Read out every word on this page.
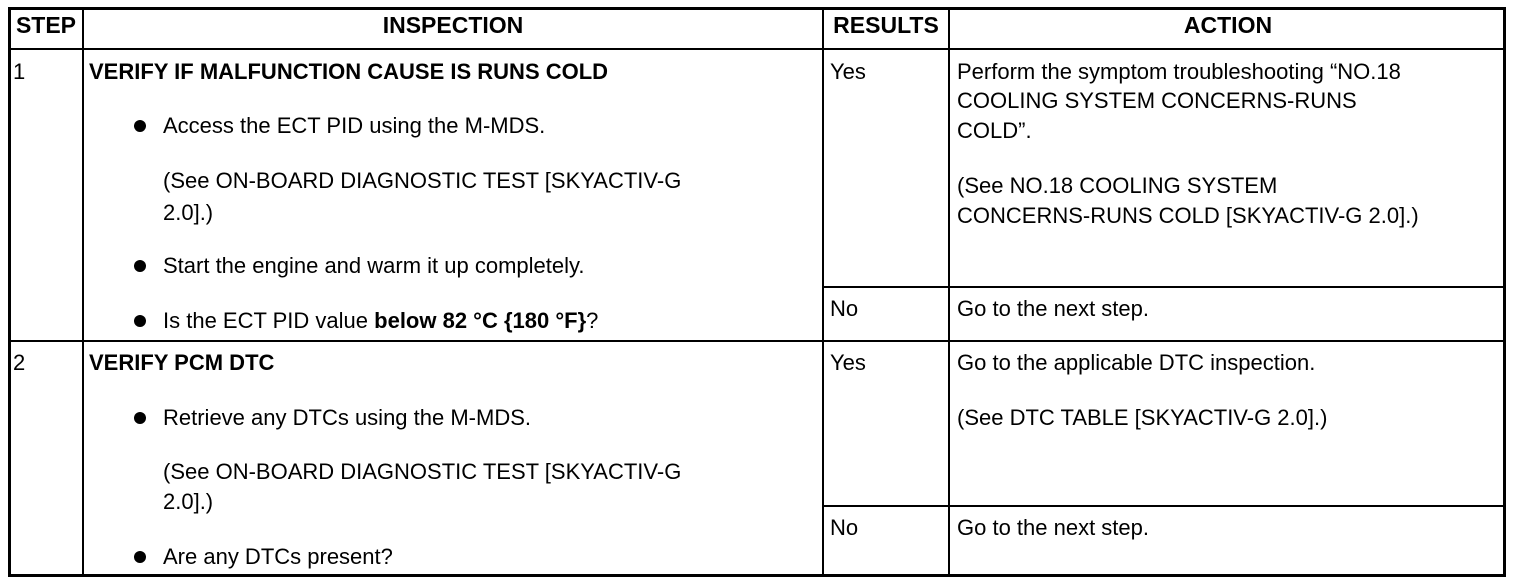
STEP	INSPECTION	RESULTS	ACTION
1	VERIFY IF MALFUNCTION CAUSE IS RUNS COLD
Access the ECT PID using the M-MDS.
(See ON-BOARD DIAGNOSTIC TEST [SKYACTIV-G
2.0].)
Start the engine and warm it up completely.
Is the ECT PID value below 82 °C {180 °F}?
Yes	Perform the symptom troubleshooting “NO.18
COOLING SYSTEM CONCERNS-RUNS
COLD”.
(See NO.18 COOLING SYSTEM
CONCERNS-RUNS COLD [SKYACTIV-G 2.0].)
No	Go to the next step.
2	VERIFY PCM DTC
Retrieve any DTCs using the M-MDS.
(See ON-BOARD DIAGNOSTIC TEST [SKYACTIV-G
2.0].)
Are any DTCs present?
Yes	Go to the applicable DTC inspection.
(See DTC TABLE [SKYACTIV-G 2.0].)
No	Go to the next step.
